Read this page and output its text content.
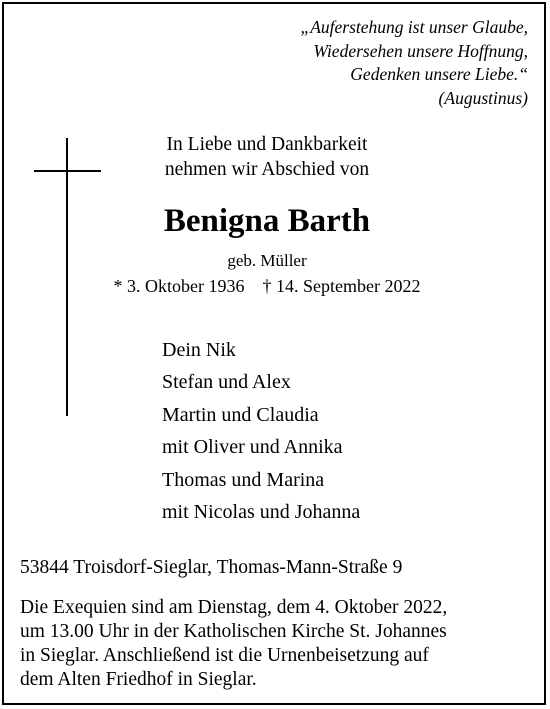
„Auferstehung ist unser Glaube,
Wiedersehen unsere Hoffnung,
Gedenken unsere Liebe.“
(Augustinus)
In Liebe und Dankbarkeit
nehmen wir Abschied von
Benigna Barth
geb. Müller
* 3. Oktober 1936 † 14. September 2022
Dein Nik
Stefan und Alex
Martin und Claudia
mit Oliver und Annika
Thomas und Marina
mit Nicolas und Johanna
53844 Troisdorf-Sieglar, Thomas-Mann-Straße 9
Die Exequien sind am Dienstag, dem 4. Oktober 2022,
um 13.00 Uhr in der Katholischen Kirche St. Johannes
in Sieglar. Anschließend ist die Urnenbeisetzung auf
dem Alten Friedhof in Sieglar.
